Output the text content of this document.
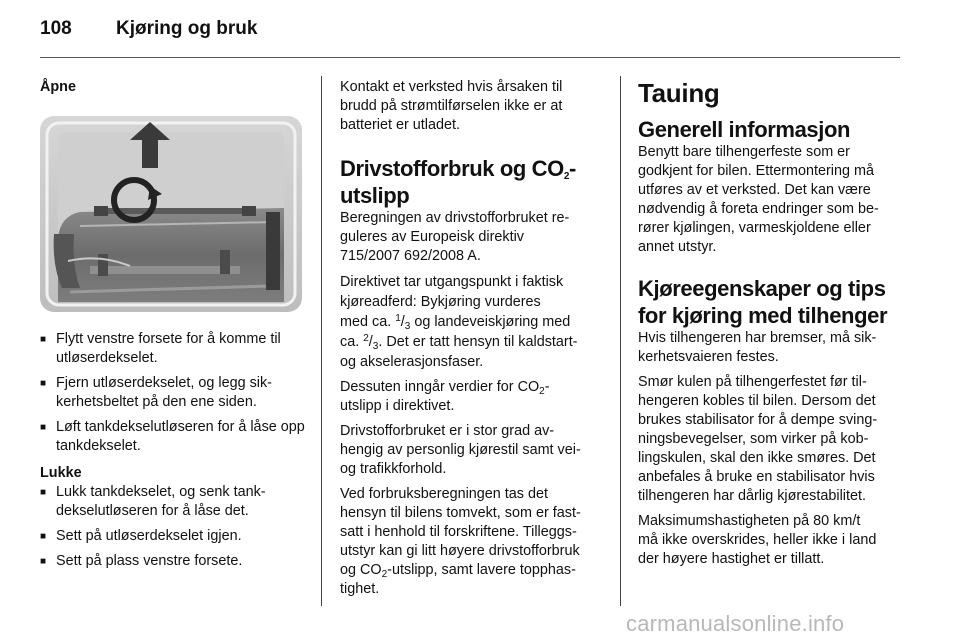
108 Kjøring og bruk

Åpne

■ Flytt venstre forsete for å komme til utløserdekselet.
■ Fjern utløserdekselet, og legg sik-kerhetsbeltet på den ene siden.
■ Løft tankdekselutløseren for å låse opp tankdekselet.

Lukke

■ Lukk tankdekselet, og senk tank-dekselutløseren for å låse det.
■ Sett på utløserdekselet igjen.
■ Sett på plass venstre forsete.

Kontakt et verksted hvis årsaken til
brudd på strømtilførselen ikke er at
batteriet er utladet.

Drivstofforbruk og $CO_2-$
utslipp

Beregningen av drivstofforbruket re-
guleres av Europeisk direktiv
715/2007 692/2008 A.

Direktivet tar utgangspunkt i faktisk
kjøreadferd: Bykjøring vurderes
med ca. $^1/_3$ og landeveiskjøring med
ca. $^2/_3$. Det er tatt hensyn til kaldstart-
og akselerasjonsfaser.

Dessuten inngår verdier for $CO_2-$
utslipp i direktivet.

Drivstofforbruket er i stor grad av-
hengig av personlig kjørestil samt vei-
og trafikkforhold.

Ved forbruksberegningen tas det
hensyn til bilens tomvekt, som er fast-
satt i henhold til forskriftene. Tilleggs-
utstyr kan gi litt høyere drivstofforbruk
og $CO_2$-utslipp, samt lavere topphas-
tighet.

Tauing

Generell informasjon

Benytt bare tilhengerfeste som er
godkjent for bilen. Ettermontering må
utføres av et verksted. Det kan være
nødvendig å foreta endringer som be-
rører kjølingen, varmeskjoldene eller
annet utstyr.

Kjøreegenskaper og tips
for kjøring med tilhenger

Hvis tilhengeren har bremser, må sik-
kerhetsvaieren festes.

Smør kulen på tilhengerfestet før til-
hengeren kobles til bilen. Dersom det
brukes stabilisator for å dempe sving-
ningsbevegelser, som virker på kob-
lingskulen, skal den ikke smøres. Det
anbefales å bruke en stabilisator hvis
tilhengeren har dårlig kjørestabilitet.

Maksimumshastigheten på 80 km/t
må ikke overskrides, heller ikke i land
der høyere hastighet er tillatt.

carmanualsonline.info
